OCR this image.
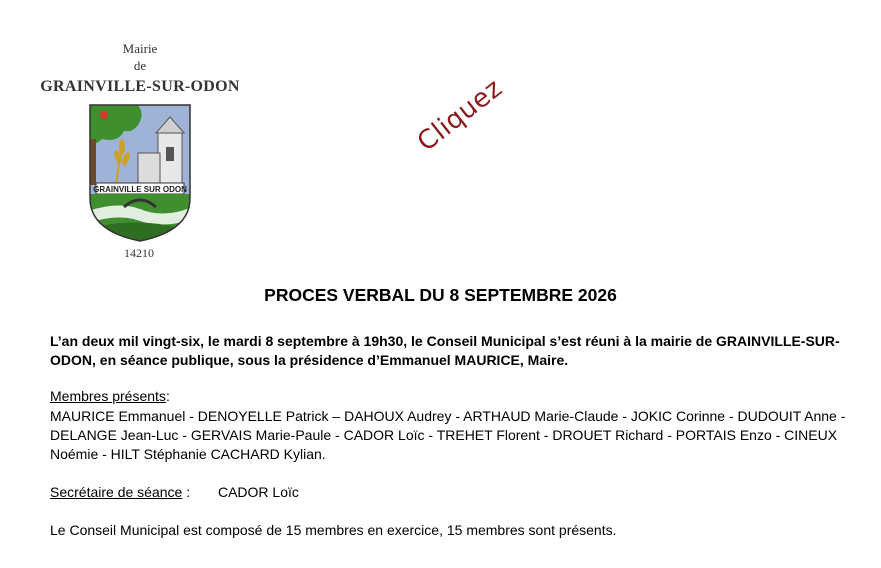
Mairie
de
GRAINVILLE-SUR-ODON
GRAINVILLE SUR ODON
14210
Cliquez
PROCES VERBAL DU 8 SEPTEMBRE 2026
L’an deux mil vingt-six, le mardi 8 septembre à 19h30, le Conseil Municipal s’est réuni à la mairie de GRAINVILLE-SUR-ODON, en séance publique, sous la présidence d’Emmanuel MAURICE, Maire.
Membres présents:
MAURICE Emmanuel - DENOYELLE Patrick – DAHOUX Audrey - ARTHAUD Marie-Claude - JOKIC Corinne - DUDOUIT Anne - DELANGE Jean-Luc - GERVAIS Marie-Paule - CADOR Loïc - TREHET Florent - DROUET Richard - PORTAIS Enzo - CINEUX Noémie - HILT Stéphanie CACHARD Kylian.
Secrétaire de séance : CADOR Loïc
Le Conseil Municipal est composé de 15 membres en exercice, 15 membres sont présents.
